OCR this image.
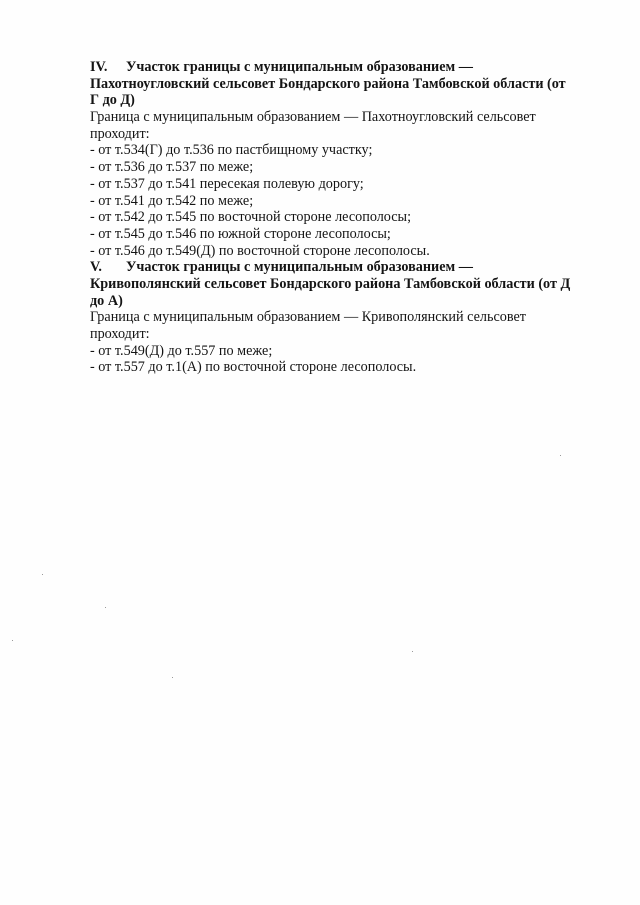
IV. Участок границы с муниципальным образованием —
Пахотноугловский сельсовет Бондарского района Тамбовской области (от
Г до Д)
Граница с муниципальным образованием — Пахотноугловский сельсовет
проходит:
- от т.534(Г) до т.536 по пастбищному участку;
- от т.536 до т.537 по меже;
- от т.537 до т.541 пересекая полевую дорогу;
- от т.541 до т.542 по меже;
- от т.542 до т.545 по восточной стороне лесополосы;
- от т.545 до т.546 по южной стороне лесополосы;
- от т.546 до т.549(Д) по восточной стороне лесополосы.
V. Участок границы с муниципальным образованием —
Кривополянский сельсовет Бондарского района Тамбовской области (от Д
до А)
Граница с муниципальным образованием — Кривополянский сельсовет
проходит:
- от т.549(Д) до т.557 по меже;
- от т.557 до т.1(А) по восточной стороне лесополосы.
